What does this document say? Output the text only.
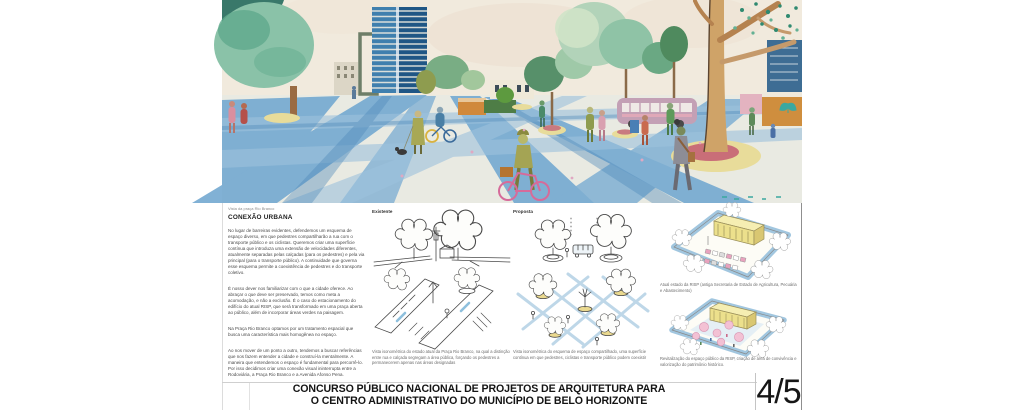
Vista da praça Rio Branco
CONEXÃO URBANA

No lugar de barreiras evidentes, defendemos um esquema de espaço diverso, em que pedestres compartilharão a rua com o transporte público e os ciclistas. Queremos criar uma superfície contínua que introduza uma extensão de velocidades diferentes, atualmente separadas pelas calçadas (para os pedestres) e pela via principal (para o transporte público). A continuidade que governa esse esquema permite a coexistência de pedestres e do transporte coletivo.

É nosso dever nos familiarizar com o que a cidade oferece. Ao abraçar o que deve ser preservado, temos como meta a acomodação, e não a exclusão. É o caso do estacionamento do edifício do atual RISP, que será transformado em uma praça aberta ao público, além de incorporar áreas verdes na paisagem.

Na Praça Rio Branco optamos por um tratamento espacial que busca uma característica mais homogênea no espaço.

Ao nos mover de um ponto a outro, tendemos a buscar referências que nos fazem entender a cidade e construí-la mentalmente. A maneira que entendemos o espaço é fundamental para percorrê-lo. Por isso decidimos criar uma conexão visual ininterrupta entre a Rodoviária, a Praça Rio Branco e a Avenida Afonso Pena.

Existente
Vista isonométrica do estado atual da Praça Rio Branco, na qual a distinção entre rua e calçada segregam a área pública, forçando os pedestres a permanecerem apenas nas áreas designadas
Proposta
Vista isonométrica do esquema de espaço compartilhado, uma superfície contínua em que pedestres, ciclistas e transporte público podem coexistir
Atual estado da RISP (antiga Secretaria de Estado de Agricultura, Pecuária e Abastecimento)
Revitalização do espaço público da RISP, criação de área de convivência e valorização do patrimônio histórico.
CONCURSO PÚBLICO NACIONAL DE PROJETOS DE ARQUITETURA PARA
O CENTRO ADMINISTRATIVO DO MUNICÍPIO DE BELO HORIZONTE	4/5
